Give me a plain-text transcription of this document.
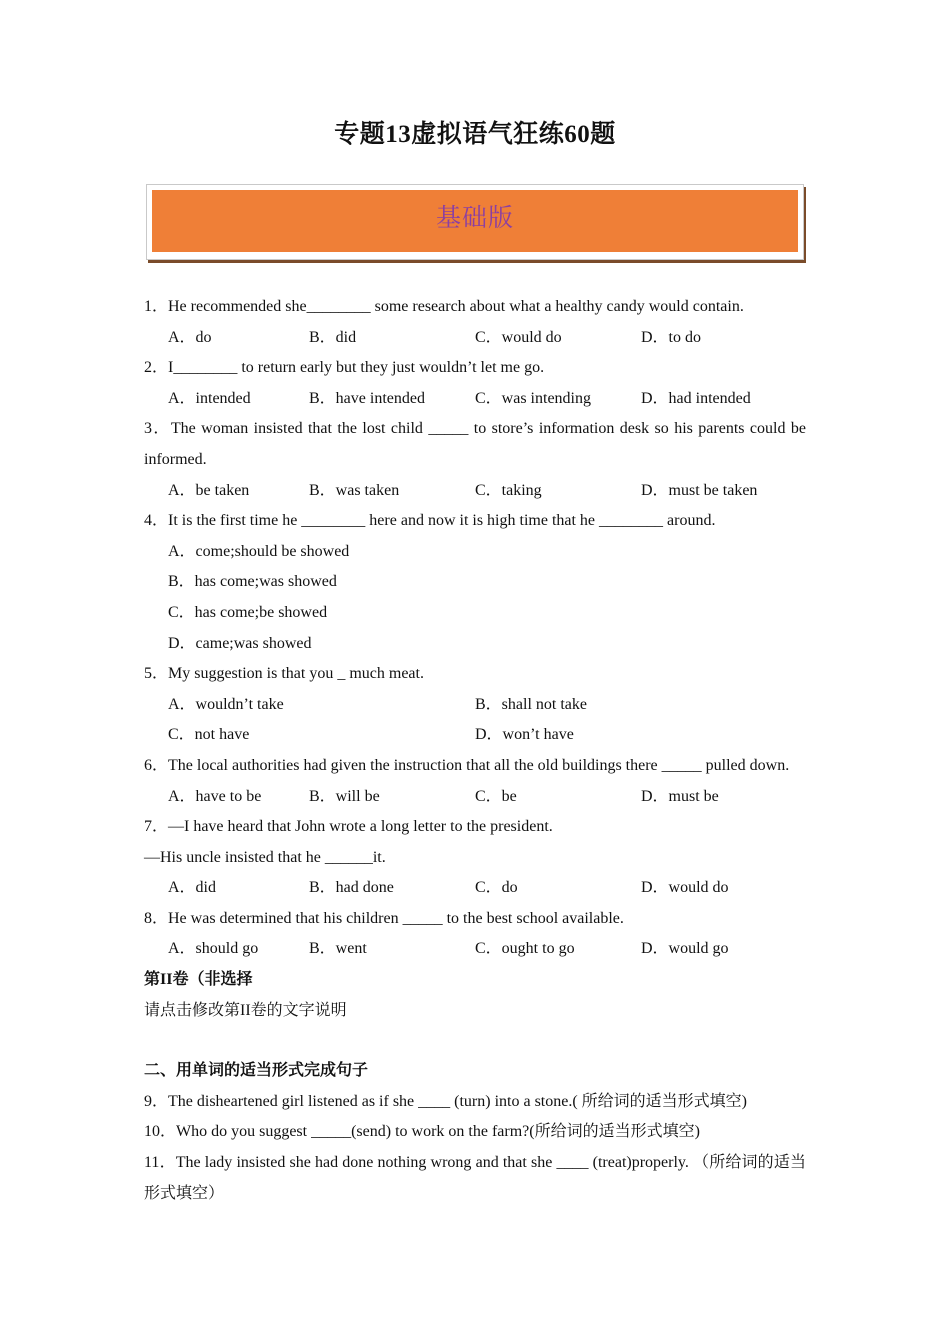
专题13虚拟语气狂练60题
基础版
1．He recommended she________ some research about what a healthy candy would contain.
A．do	B．did	C．would do	D．to do
2．I________ to return early but they just wouldn’t let me go.
A．intended	B．have intended	C．was intending	D．had intended
3．The woman insisted that the lost child _____ to store’s information desk so his parents could be informed.
A．be taken	B．was taken	C．taking	D．must be taken
4．It is the first time he ________ here and now it is high time that he ________ around.
A．come;should be showed
B．has come;was showed
C．has come;be showed
D．came;was showed
5．My suggestion is that you _ much meat.
A．wouldn’t take	B．shall not take
C．not have	D．won’t have
6．The local authorities had given the instruction that all the old buildings there _____ pulled down.
A．have to be	B．will be	C．be	D．must be
7．—I have heard that John wrote a long letter to the president.
—His uncle insisted that he ______it.
A．did	B．had done	C．do	D．would do
8．He was determined that his children _____ to the best school available.
A．should go	B．went	C．ought to go	D．would go
第II卷（非选择
请点击修改第II卷的文字说明
二、用单词的适当形式完成句子
9．The disheartened girl listened as if she ____ (turn) into a stone.( 所给词的适当形式填空)
10．Who do you suggest _____(send) to work on the farm?(所给词的适当形式填空)
11．The lady insisted she had done nothing wrong and that she ____ (treat)properly. （所给词的适当形式填空）
